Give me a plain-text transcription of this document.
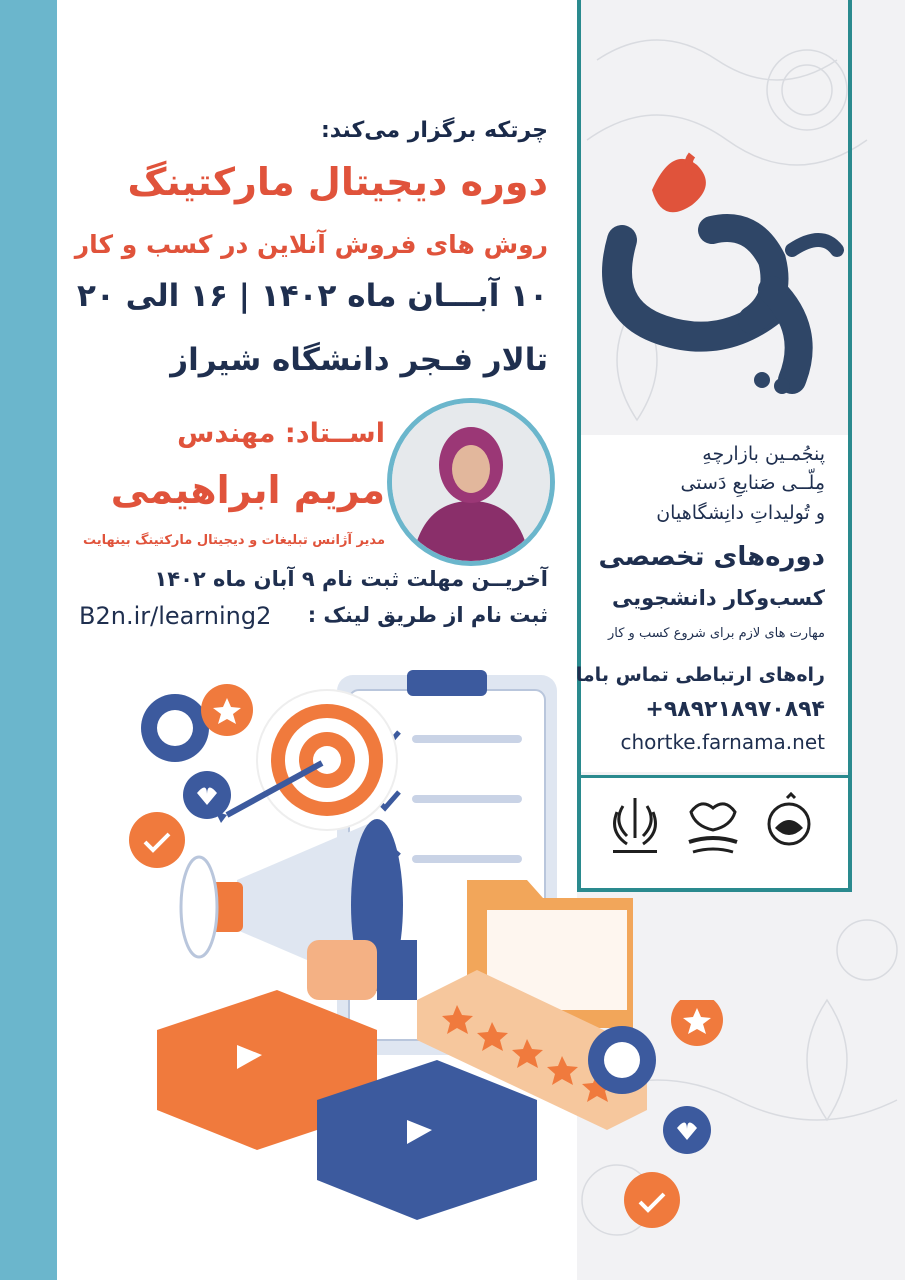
چرتکه برگزار می‌کند:
دوره دیجیتال مارکتینگ
روش های فروش آنلاین در کسب و کار
۱۰ آبـــان ماه ۱۴۰۲ | ۱۶ الی ۲۰
تالار فـجر دانشگاه شیراز
اســتاد: مهندس
مریم ابراهیمی
مدیر آژانس تبلیغات و دیجیتال مارکتینگ بینهایت
آخریــن مهلت ثبت نام ۹ آبان ماه ۱۴۰۲
ثبت نام از طریق لینک :
B2n.ir/learning2
پنجُمـین بازارچهِ
مِلّــی صَنایعِ دَستی
و تُولیداتِ دانِشگاهیان
دوره‌های تخصصی
کسب‌وکار دانشجویی
مهارت های لازم برای شروع کسب و کار
راه‌های ارتباطی تماس باما
+۹۸۹۲۱۸۹۷۰۸۹۴
chortke.farnama.net
